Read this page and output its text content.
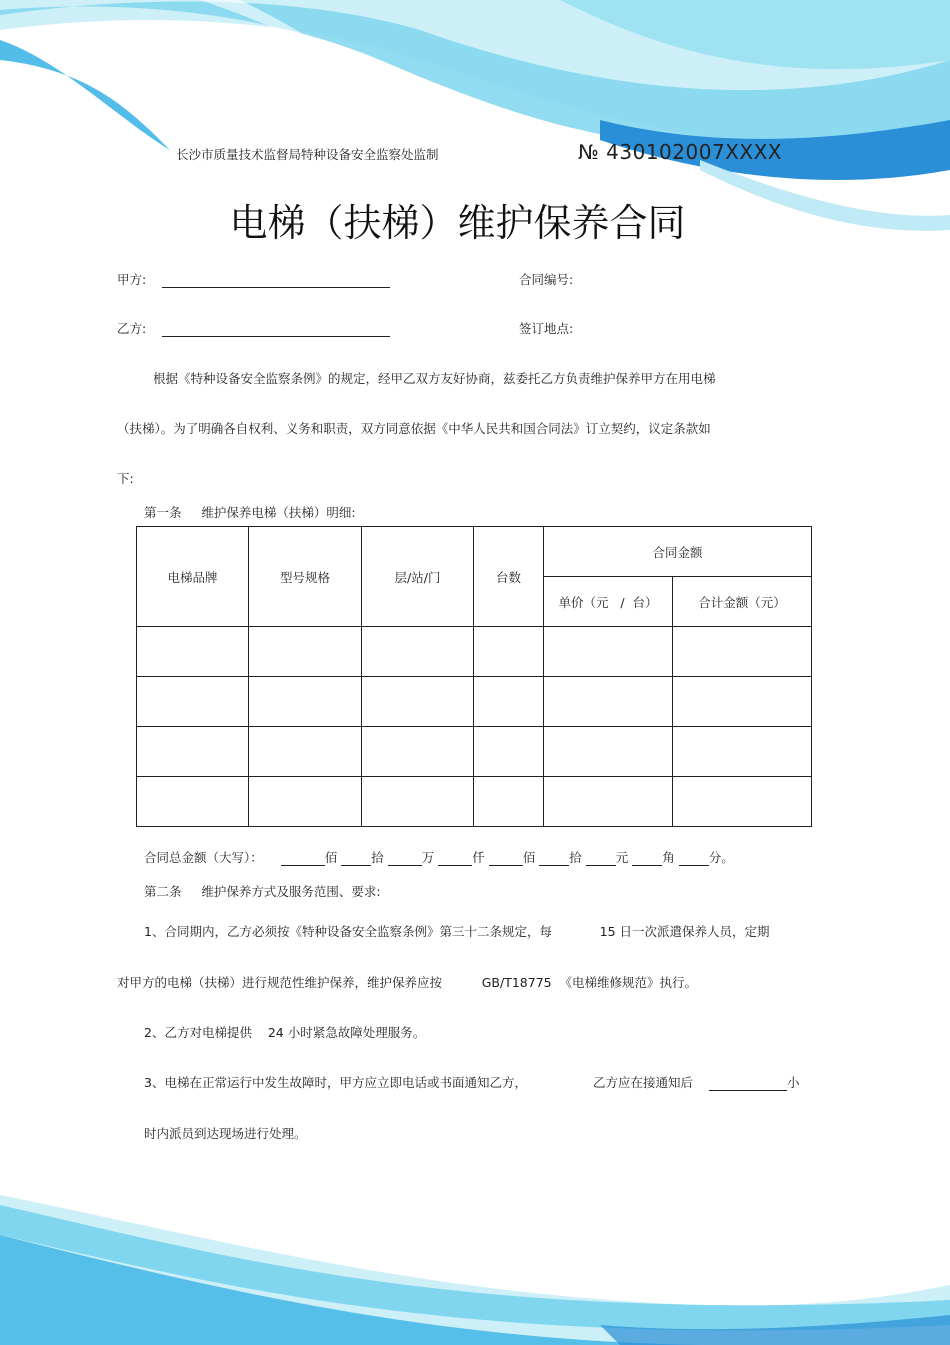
长沙市质量技术监督局特种设备安全监察处监制	№ 430102007XXXX
电梯（扶梯）维护保养合同
甲方:	合同编号:
乙方:	签订地点:
根据《特种设备安全监察条例》的规定，经甲乙双方友好协商，兹委托乙方负责维护保养甲方在用电梯
（扶梯）。为了明确各自权利、义务和职责，双方同意依据《中华人民共和国合同法》订立契约，议定条款如
下:
第一条     维护保养电梯（扶梯）明细:
电梯品牌	型号规格	层/站/门	台数	合同金额	
				单价（元   /  台）	合计金额（元）

合同总金额（大写）：	佰	拾	万	仟	佰	拾	元	角	分。
第二条     维护保养方式及服务范围、要求:
1、合同期内，乙方必须按《特种设备安全监察条例》第三十二条规定，每            15 日一次派遣保养人员，定期
对甲方的电梯（扶梯）进行规范性维护保养，维护保养应按          GB/T18775  《电梯维修规范》执行。
2、乙方对电梯提供    24 小时紧急故障处理服务。
3、电梯在正常运行中发生故障时，甲方应立即电话或书面通知乙方，	乙方应在接通知后	小
时内派员到达现场进行处理。
